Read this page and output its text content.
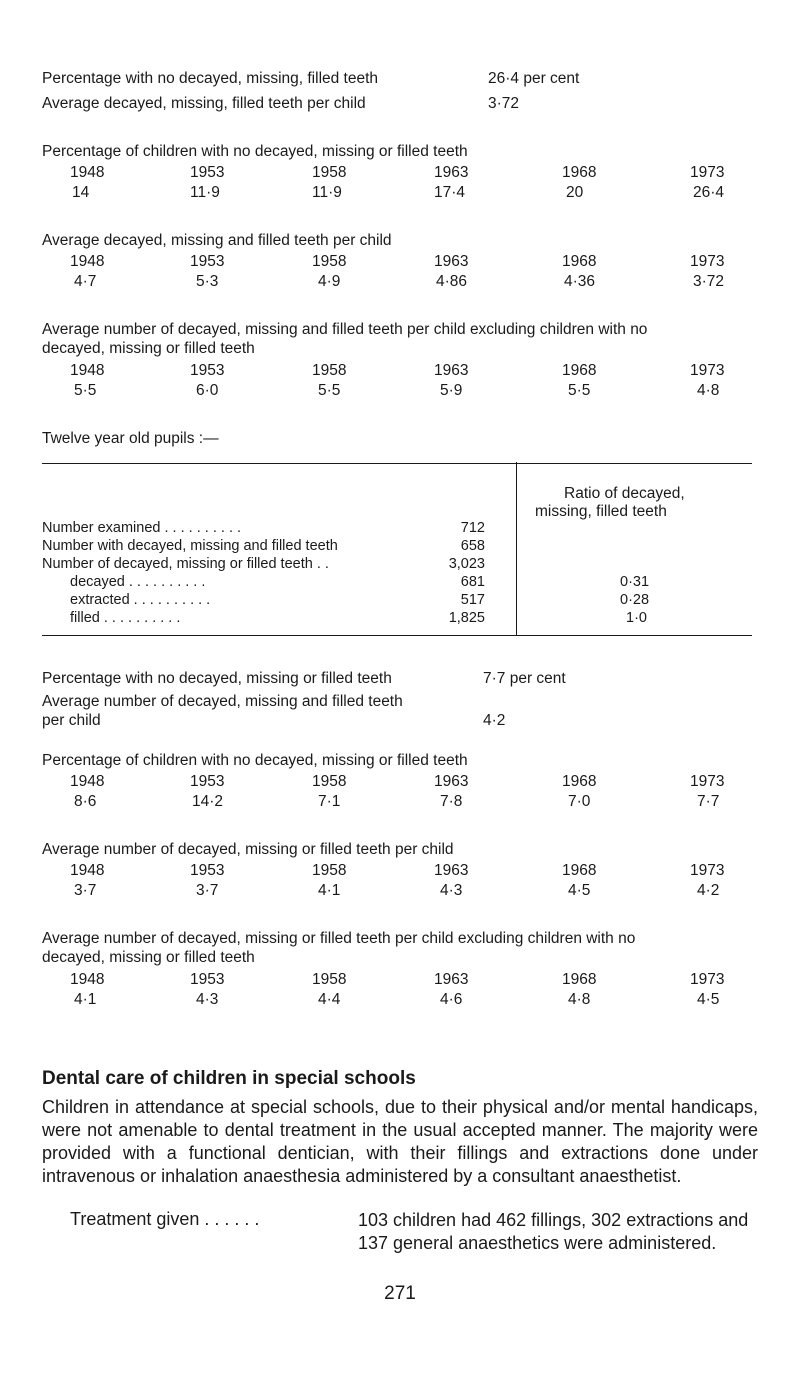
Percentage with no decayed, missing, filled teeth	26·4 per cent
Average decayed, missing, filled teeth per child	3·72
Percentage of children with no decayed, missing or filled teeth
1948	1953	1958	1963	1968	1973
14	11·9	11·9	17·4	20	26·4
Average decayed, missing and filled teeth per child
1948	1953	1958	1963	1968	1973
4·7	5·3	4·9	4·86	4·36	3·72
Average number of decayed, missing and filled teeth per child excluding children with no
decayed, missing or filled teeth
1948	1953	1958	1963	1968	1973
5·5	6·0	5·5	5·9	5·5	4·8
Twelve year old pupils :—
Ratio of decayed,
missing, filled teeth
Number examined . . . . . . . . . .	712
Number with decayed, missing and filled teeth	658
Number of decayed, missing or filled teeth . .	3,023
decayed . . . . . . . . . .	681	0·31
extracted . . . . . . . . . .	517	0·28
filled . . . . . . . . . .	1,825	1·0
Percentage with no decayed, missing or filled teeth	7·7 per cent
Average number of decayed, missing and filled teeth
per child	4·2
Percentage of children with no decayed, missing or filled teeth
1948	1953	1958	1963	1968	1973
8·6	14·2	7·1	7·8	7·0	7·7
Average number of decayed, missing or filled teeth per child
1948	1953	1958	1963	1968	1973
3·7	3·7	4·1	4·3	4·5	4·2
Average number of decayed, missing or filled teeth per child excluding children with no
decayed, missing or filled teeth
1948	1953	1958	1963	1968	1973
4·1	4·3	4·4	4·6	4·8	4·5
Dental care of children in special schools
Children in attendance at special schools, due to their physical and/or mental handicaps, were not amenable to dental treatment in the usual accepted manner. The majority were provided with a functional dentician, with their fillings and extractions done under intravenous or inhalation anaesthesia administered by a consultant anaesthetist.
Treatment given . . . . . .	103 children had 462 fillings, 302 extractions and 137 general anaesthetics were administered.
271
